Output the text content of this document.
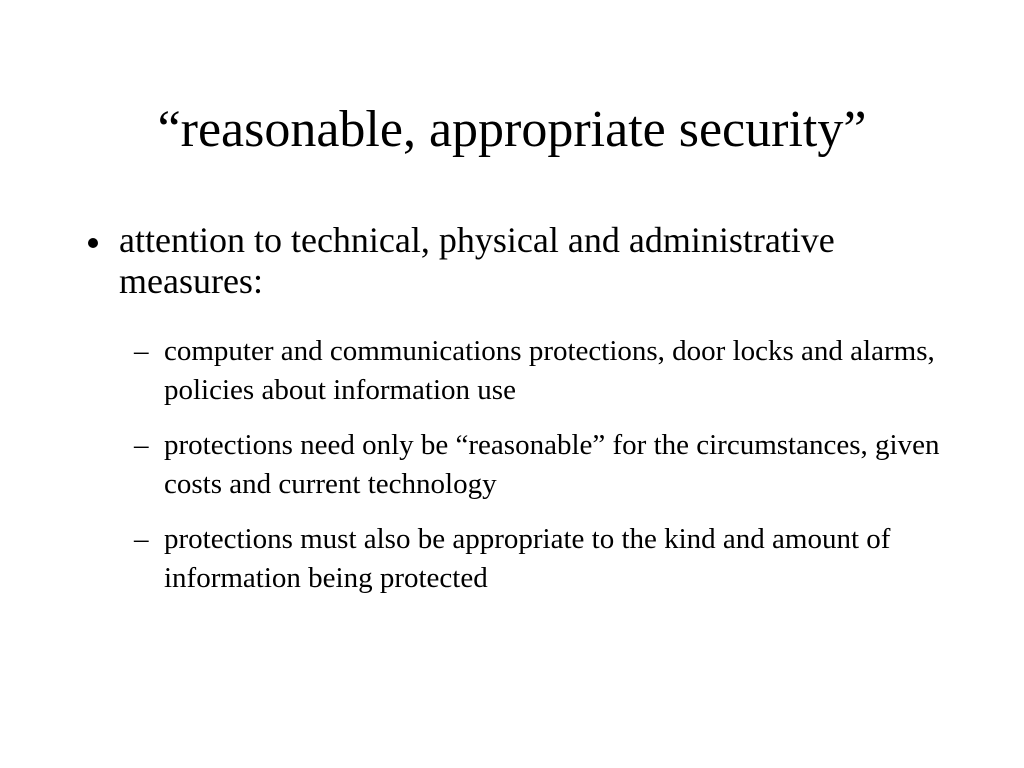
“reasonable, appropriate security”
attention to technical, physical and administrative measures:
– computer and communications protections, door locks and alarms, policies about information use
– protections need only be “reasonable” for the circumstances, given costs and current technology
– protections must also be appropriate to the kind and amount of information being protected
